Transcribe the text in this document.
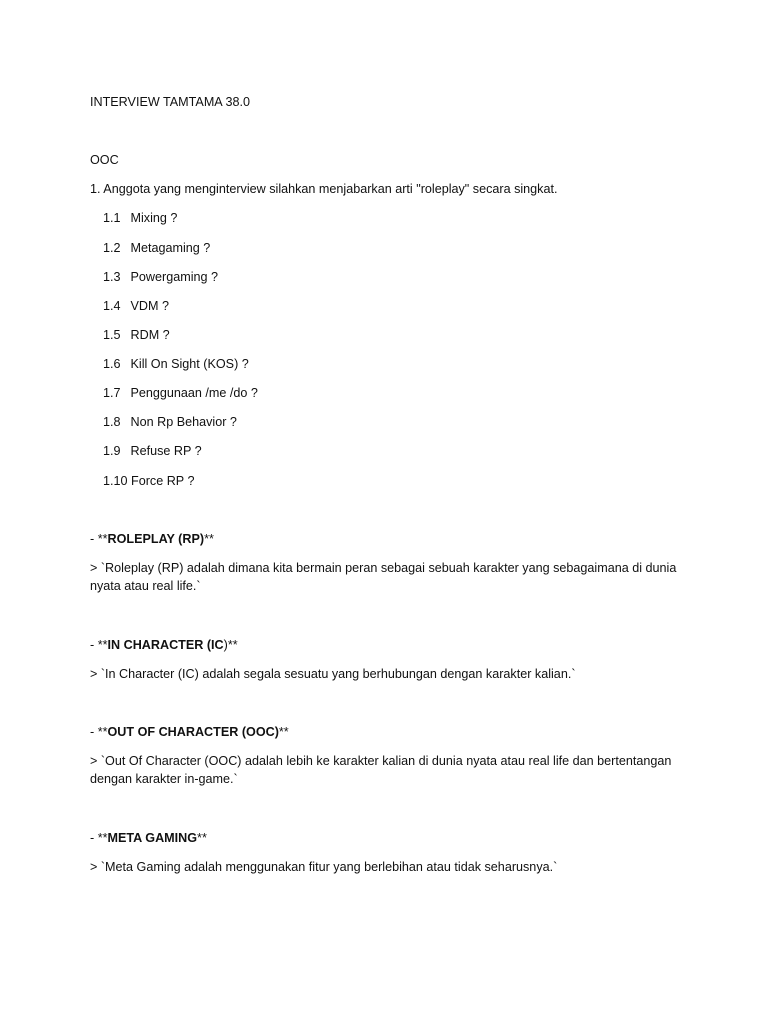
INTERVIEW TAMTAMA 38.0
OOC
1. Anggota yang menginterview silahkan menjabarkan arti "roleplay" secara singkat.
1.1 Mixing ?
1.2 Metagaming ?
1.3 Powergaming ?
1.4 VDM ?
1.5 RDM ?
1.6 Kill On Sight (KOS) ?
1.7 Penggunaan /me /do ?
1.8 Non Rp Behavior ?
1.9 Refuse RP ?
1.10 Force RP ?
- **ROLEPLAY (RP)**
> `Roleplay (RP) adalah dimana kita bermain peran sebagai sebuah karakter yang sebagaimana di dunia nyata atau real life.`
- **IN CHARACTER (IC)**
> `In Character (IC) adalah segala sesuatu yang berhubungan dengan karakter kalian.`
- **OUT OF CHARACTER (OOC)**
> `Out Of Character (OOC) adalah lebih ke karakter kalian di dunia nyata atau real life dan bertentangan dengan karakter in-game.`
- **META GAMING**
> `Meta Gaming adalah menggunakan fitur yang berlebihan atau tidak seharusnya.`
